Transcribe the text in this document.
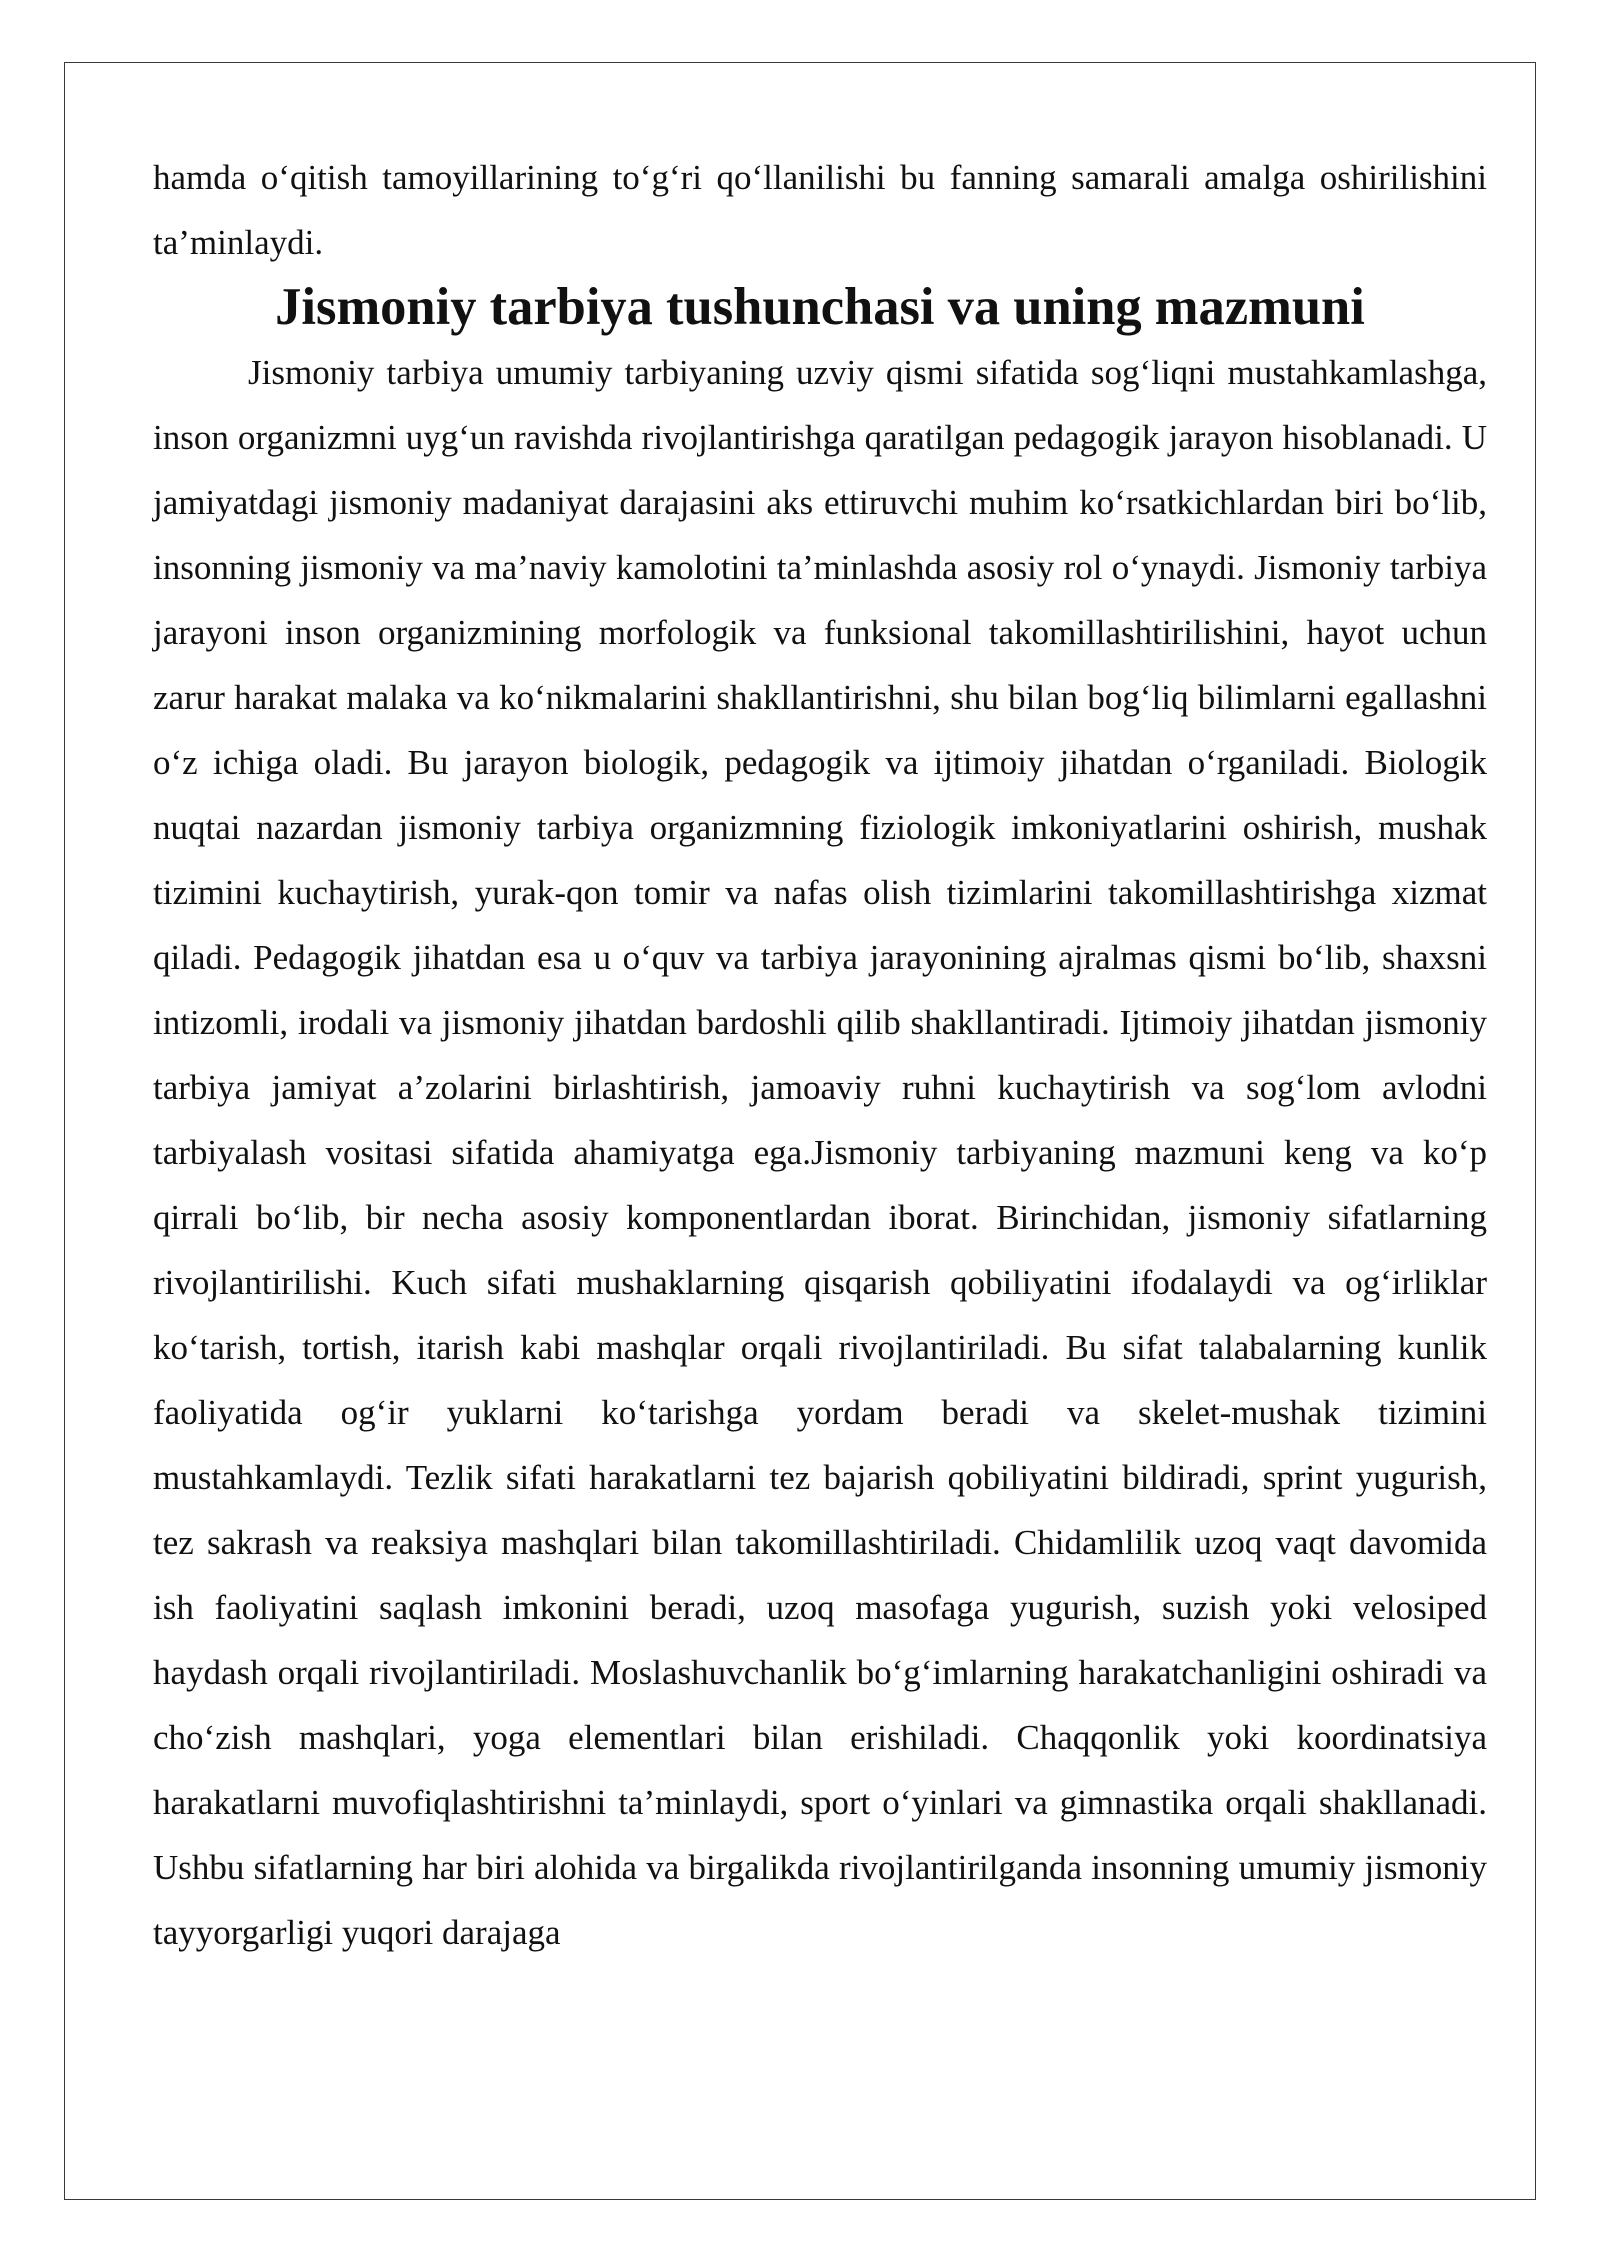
hamda o‘qitish tamoyillarining to‘g‘ri qo‘llanilishi bu fanning samarali amalga oshirilishini ta’minlaydi.

Jismoniy tarbiya tushunchasi va uning mazmuni

Jismoniy tarbiya umumiy tarbiyaning uzviy qismi sifatida sog‘liqni mustahkamlashga, inson organizmni uyg‘un ravishda rivojlantirishga qaratilgan pedagogik jarayon hisoblanadi. U jamiyatdagi jismoniy madaniyat darajasini aks ettiruvchi muhim ko‘rsatkichlardan biri bo‘lib, insonning jismoniy va ma’naviy kamolotini ta’minlashda asosiy rol o‘ynaydi. Jismoniy tarbiya jarayoni inson organizmining morfologik va funksional takomillashtirilishini, hayot uchun zarur harakat malaka va ko‘nikmalarini shakllantirishni, shu bilan bog‘liq bilimlarni egallashni o‘z ichiga oladi. Bu jarayon biologik, pedagogik va ijtimoiy jihatdan o‘rganiladi. Biologik nuqtai nazardan jismoniy tarbiya organizmning fiziologik imkoniyatlarini oshirish, mushak tizimini kuchaytirish, yurak-qon tomir va nafas olish tizimlarini takomillashtirishga xizmat qiladi. Pedagogik jihatdan esa u o‘quv va tarbiya jarayonining ajralmas qismi bo‘lib, shaxsni intizomli, irodali va jismoniy jihatdan bardoshli qilib shakllantiradi. Ijtimoiy jihatdan jismoniy tarbiya jamiyat a’zolarini birlashtirish, jamoaviy ruhni kuchaytirish va sog‘lom avlodni tarbiyalash vositasi sifatida ahamiyatga ega.Jismoniy tarbiyaning mazmuni keng va ko‘p qirrali bo‘lib, bir necha asosiy komponentlardan iborat. Birinchidan, jismoniy sifatlarning rivojlantirilishi. Kuch sifati mushaklarning qisqarish qobiliyatini ifodalaydi va og‘irliklar ko‘tarish, tortish, itarish kabi mashqlar orqali rivojlantiriladi. Bu sifat talabalarning kunlik faoliyatida og‘ir yuklarni ko‘tarishga yordam beradi va skelet-mushak tizimini mustahkamlaydi. Tezlik sifati harakatlarni tez bajarish qobiliyatini bildiradi, sprint yugurish, tez sakrash va reaksiya mashqlari bilan takomillashtiriladi. Chidamlilik uzoq vaqt davomida ish faoliyatini saqlash imkonini beradi, uzoq masofaga yugurish, suzish yoki velosiped haydash orqali rivojlantiriladi. Moslashuvchanlik bo‘g‘imlarning harakatchanligini oshiradi va cho‘zish mashqlari, yoga elementlari bilan erishiladi. Chaqqonlik yoki koordinatsiya harakatlarni muvofiqlashtirishni ta’minlaydi, sport o‘yinlari va gimnastika orqali shakllanadi. Ushbu sifatlarning har biri alohida va birgalikda rivojlantirilganda insonning umumiy jismoniy tayyorgarligi yuqori darajaga
